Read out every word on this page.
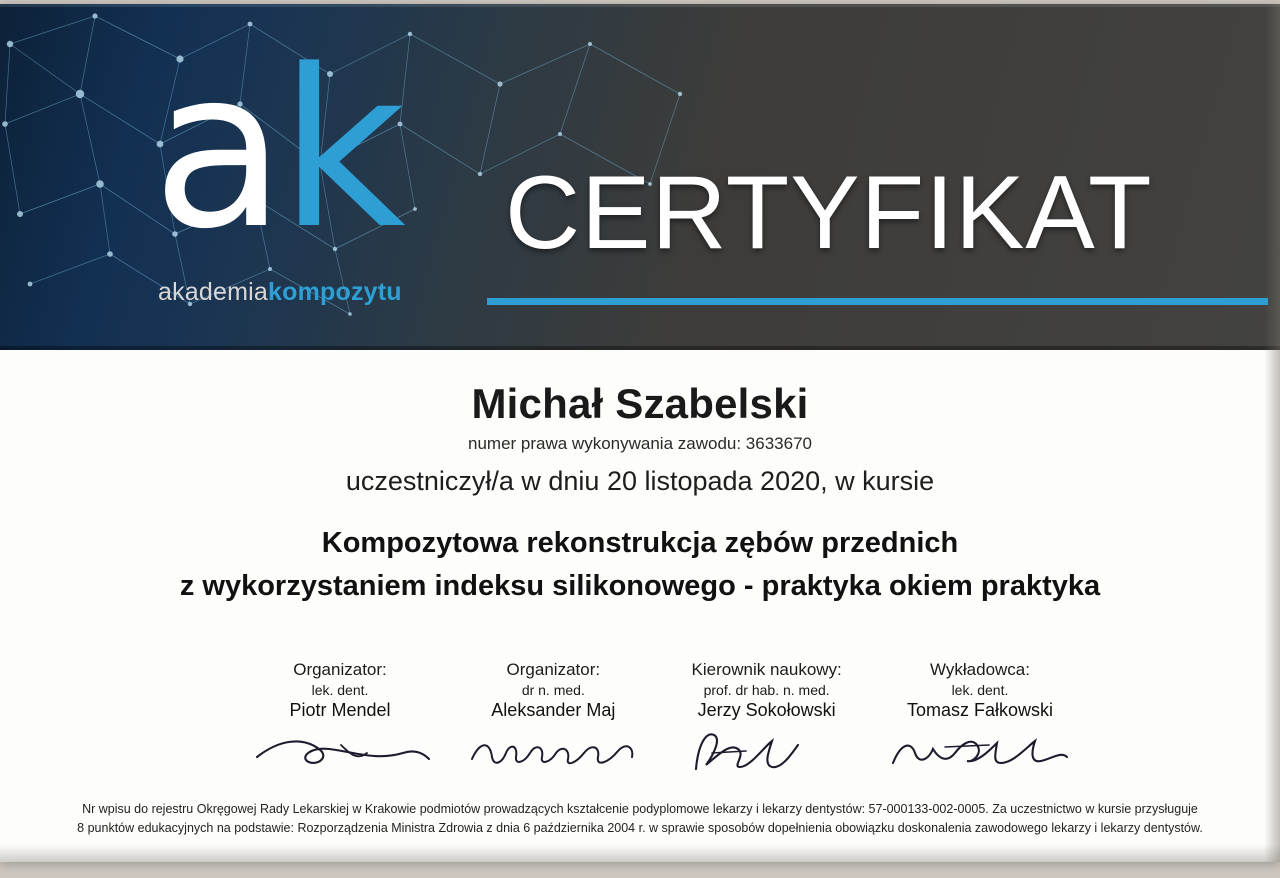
ak
akademiakompozytu
CERTYFIKAT
Michał Szabelski
numer prawa wykonywania zawodu: 3633670
uczestniczył/a w dniu 20 listopada 2020, w kursie
Kompozytowa rekonstrukcja zębów przednich
z wykorzystaniem indeksu silikonowego - praktyka okiem praktyka
Organizator:
lek. dent.
Piotr Mendel
Organizator:
dr n. med.
Aleksander Maj
Kierownik naukowy:
prof. dr hab. n. med.
Jerzy Sokołowski
Wykładowca:
lek. dent.
Tomasz Fałkowski
Nr wpisu do rejestru Okręgowej Rady Lekarskiej w Krakowie podmiotów prowadzących kształcenie podyplomowe lekarzy i lekarzy dentystów: 57-000133-002-0005. Za uczestnictwo w kursie przysługuje
8 punktów edukacyjnych na podstawie: Rozporządzenia Ministra Zdrowia z dnia 6 października 2004 r. w sprawie sposobów dopełnienia obowiązku doskonalenia zawodowego lekarzy i lekarzy dentystów.
